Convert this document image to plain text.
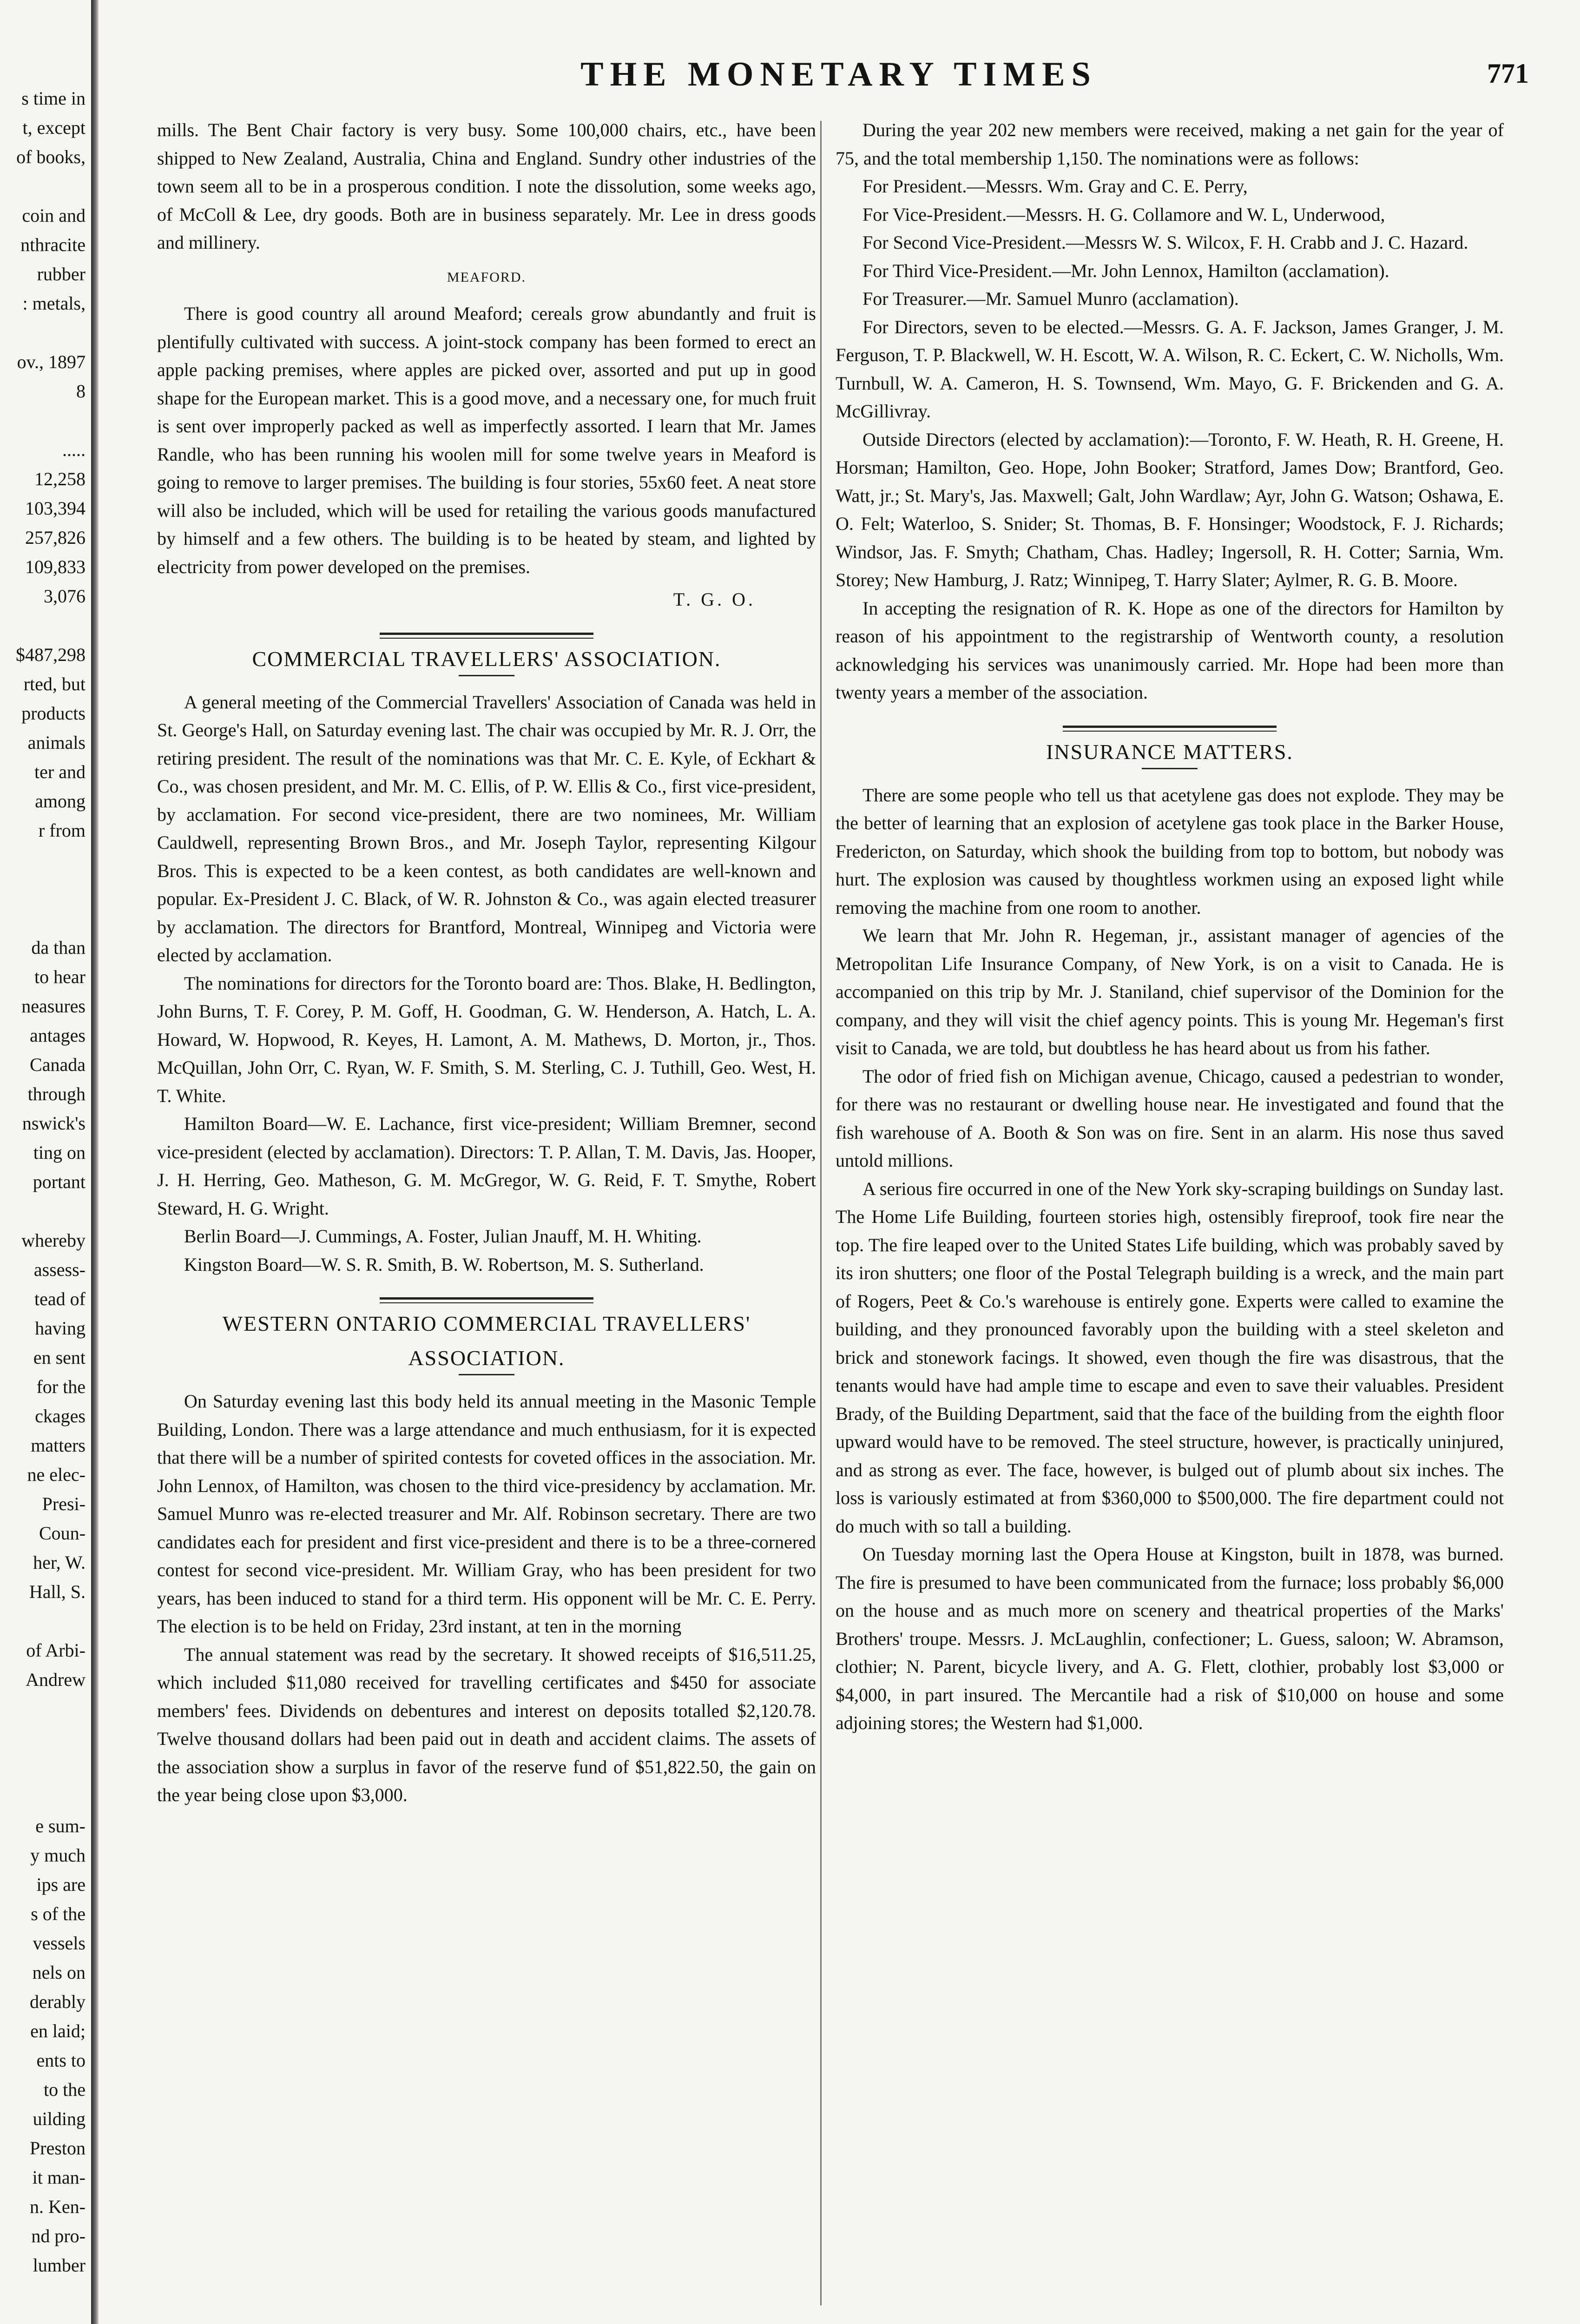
s time in
t, except
of books,
coin and
nthracite
rubber
: metals,
ov., 1897
8
.....
12,258
103,394
257,826
109,833
3,076
$487,298
rted, but
products
animals
ter and
among
r from
da than
to hear
neasures
antages
Canada
through
nswick's
ting on
portant
whereby
assess-
tead of
having
en sent
for the
ckages
matters
ne elec-
Presi-
Coun-
her, W.
Hall, S.
of Arbi-
Andrew
e sum-
y much
ips are
s of the
vessels
nels on
derably
en laid;
ents to
to the
uilding
Preston
it man-
n. Ken-
nd pro-
lumber
THE MONETARY TIMES	771

mills. The Bent Chair factory is very busy. Some 100,000 chairs, etc., have been shipped to New Zealand, Australia, China and England. Sundry other industries of the town seem all to be in a prosperous condition. I note the dissolution, some weeks ago, of McColl & Lee, dry goods. Both are in business separately. Mr. Lee in dress goods and millinery.

MEAFORD.

There is good country all around Meaford; cereals grow abundantly and fruit is plentifully cultivated with success. A joint-stock company has been formed to erect an apple packing premises, where apples are picked over, assorted and put up in good shape for the European market. This is a good move, and a necessary one, for much fruit is sent over improperly packed as well as imperfectly assorted. I learn that Mr. James Randle, who has been running his woolen mill for some twelve years in Meaford is going to remove to larger premises. The building is four stories, 55x60 feet. A neat store will also be included, which will be used for retailing the various goods manufactured by himself and a few others. The building is to be heated by steam, and lighted by electricity from power developed on the premises.

T. G. O.
COMMERCIAL TRAVELLERS' ASSOCIATION.

A general meeting of the Commercial Travellers' Association of Canada was held in St. George's Hall, on Saturday evening last. The chair was occupied by Mr. R. J. Orr, the retiring president. The result of the nominations was that Mr. C. E. Kyle, of Eckhart & Co., was chosen president, and Mr. M. C. Ellis, of P. W. Ellis & Co., first vice-president, by acclamation. For second vice-president, there are two nominees, Mr. William Cauldwell, representing Brown Bros., and Mr. Joseph Taylor, representing Kilgour Bros. This is expected to be a keen contest, as both candidates are well-known and popular. Ex-President J. C. Black, of W. R. Johnston & Co., was again elected treasurer by acclamation. The directors for Brantford, Montreal, Winnipeg and Victoria were elected by acclamation.

The nominations for directors for the Toronto board are: Thos. Blake, H. Bedlington, John Burns, T. F. Corey, P. M. Goff, H. Goodman, G. W. Henderson, A. Hatch, L. A. Howard, W. Hopwood, R. Keyes, H. Lamont, A. M. Mathews, D. Morton, jr., Thos. McQuillan, John Orr, C. Ryan, W. F. Smith, S. M. Sterling, C. J. Tuthill, Geo. West, H. T. White.

Hamilton Board—W. E. Lachance, first vice-president; William Bremner, second vice-president (elected by acclamation). Directors: T. P. Allan, T. M. Davis, Jas. Hooper, J. H. Herring, Geo. Matheson, G. M. McGregor, W. G. Reid, F. T. Smythe, Robert Steward, H. G. Wright.

Berlin Board—J. Cummings, A. Foster, Julian Jnauff, M. H. Whiting.

Kingston Board—W. S. R. Smith, B. W. Robertson, M. S. Sutherland.

WESTERN ONTARIO COMMERCIAL TRAVELLERS'
ASSOCIATION.

On Saturday evening last this body held its annual meeting in the Masonic Temple Building, London. There was a large attendance and much enthusiasm, for it is expected that there will be a number of spirited contests for coveted offices in the association. Mr. John Lennox, of Hamilton, was chosen to the third vice-presidency by acclamation. Mr. Samuel Munro was re-elected treasurer and Mr. Alf. Robinson secretary. There are two candidates each for president and first vice-president and there is to be a three-cornered contest for second vice-president. Mr. William Gray, who has been president for two years, has been induced to stand for a third term. His opponent will be Mr. C. E. Perry. The election is to be held on Friday, 23rd instant, at ten in the morning

The annual statement was read by the secretary. It showed receipts of $16,511.25, which included $11,080 received for travelling certificates and $450 for associate members' fees. Dividends on debentures and interest on deposits totalled $2,120.78. Twelve thousand dollars had been paid out in death and accident claims. The assets of the association show a surplus in favor of the reserve fund of $51,822.50, the gain on the year being close upon $3,000.

During the year 202 new members were received, making a net gain for the year of 75, and the total membership 1,150. The nominations were as follows:

For President.—Messrs. Wm. Gray and C. E. Perry,

For Vice-President.—Messrs. H. G. Collamore and W. L, Underwood,

For Second Vice-President.—Messrs W. S. Wilcox, F. H. Crabb and J. C. Hazard.

For Third Vice-President.—Mr. John Lennox, Hamilton (acclamation).

For Treasurer.—Mr. Samuel Munro (acclamation).

For Directors, seven to be elected.—Messrs. G. A. F. Jackson, James Granger, J. M. Ferguson, T. P. Blackwell, W. H. Escott, W. A. Wilson, R. C. Eckert, C. W. Nicholls, Wm. Turnbull, W. A. Cameron, H. S. Townsend, Wm. Mayo, G. F. Brickenden and G. A. McGillivray.

Outside Directors (elected by acclamation):—Toronto, F. W. Heath, R. H. Greene, H. Horsman; Hamilton, Geo. Hope, John Booker; Stratford, James Dow; Brantford, Geo. Watt, jr.; St. Mary's, Jas. Maxwell; Galt, John Wardlaw; Ayr, John G. Watson; Oshawa, E. O. Felt; Waterloo, S. Snider; St. Thomas, B. F. Honsinger; Woodstock, F. J. Richards; Windsor, Jas. F. Smyth; Chatham, Chas. Hadley; Ingersoll, R. H. Cotter; Sarnia, Wm. Storey; New Hamburg, J. Ratz; Winnipeg, T. Harry Slater; Aylmer, R. G. B. Moore.

In accepting the resignation of R. K. Hope as one of the directors for Hamilton by reason of his appointment to the registrarship of Wentworth county, a resolution acknowledging his services was unanimously carried. Mr. Hope had been more than twenty years a member of the association.

INSURANCE MATTERS.

There are some people who tell us that acetylene gas does not explode. They may be the better of learning that an explosion of acetylene gas took place in the Barker House, Fredericton, on Saturday, which shook the building from top to bottom, but nobody was hurt. The explosion was caused by thoughtless workmen using an exposed light while removing the machine from one room to another.

We learn that Mr. John R. Hegeman, jr., assistant manager of agencies of the Metropolitan Life Insurance Company, of New York, is on a visit to Canada. He is accompanied on this trip by Mr. J. Staniland, chief supervisor of the Dominion for the company, and they will visit the chief agency points. This is young Mr. Hegeman's first visit to Canada, we are told, but doubtless he has heard about us from his father.

The odor of fried fish on Michigan avenue, Chicago, caused a pedestrian to wonder, for there was no restaurant or dwelling house near. He investigated and found that the fish warehouse of A. Booth & Son was on fire. Sent in an alarm. His nose thus saved untold millions.

A serious fire occurred in one of the New York sky-scraping buildings on Sunday last. The Home Life Building, fourteen stories high, ostensibly fireproof, took fire near the top. The fire leaped over to the United States Life building, which was probably saved by its iron shutters; one floor of the Postal Telegraph building is a wreck, and the main part of Rogers, Peet & Co.'s warehouse is entirely gone. Experts were called to examine the building, and they pronounced favorably upon the building with a steel skeleton and brick and stonework facings. It showed, even though the fire was disastrous, that the tenants would have had ample time to escape and even to save their valuables. President Brady, of the Building Department, said that the face of the building from the eighth floor upward would have to be removed. The steel structure, however, is practically uninjured, and as strong as ever. The face, however, is bulged out of plumb about six inches. The loss is variously estimated at from $360,000 to $500,000. The fire department could not do much with so tall a building.

On Tuesday morning last the Opera House at Kingston, built in 1878, was burned. The fire is presumed to have been communicated from the furnace; loss probably $6,000 on the house and as much more on scenery and theatrical properties of the Marks' Brothers' troupe. Messrs. J. McLaughlin, confectioner; L. Guess, saloon; W. Abramson, clothier; N. Parent, bicycle livery, and A. G. Flett, clothier, probably lost $3,000 or $4,000, in part insured. The Mercantile had a risk of $10,000 on house and some adjoining stores; the Western had $1,000.
